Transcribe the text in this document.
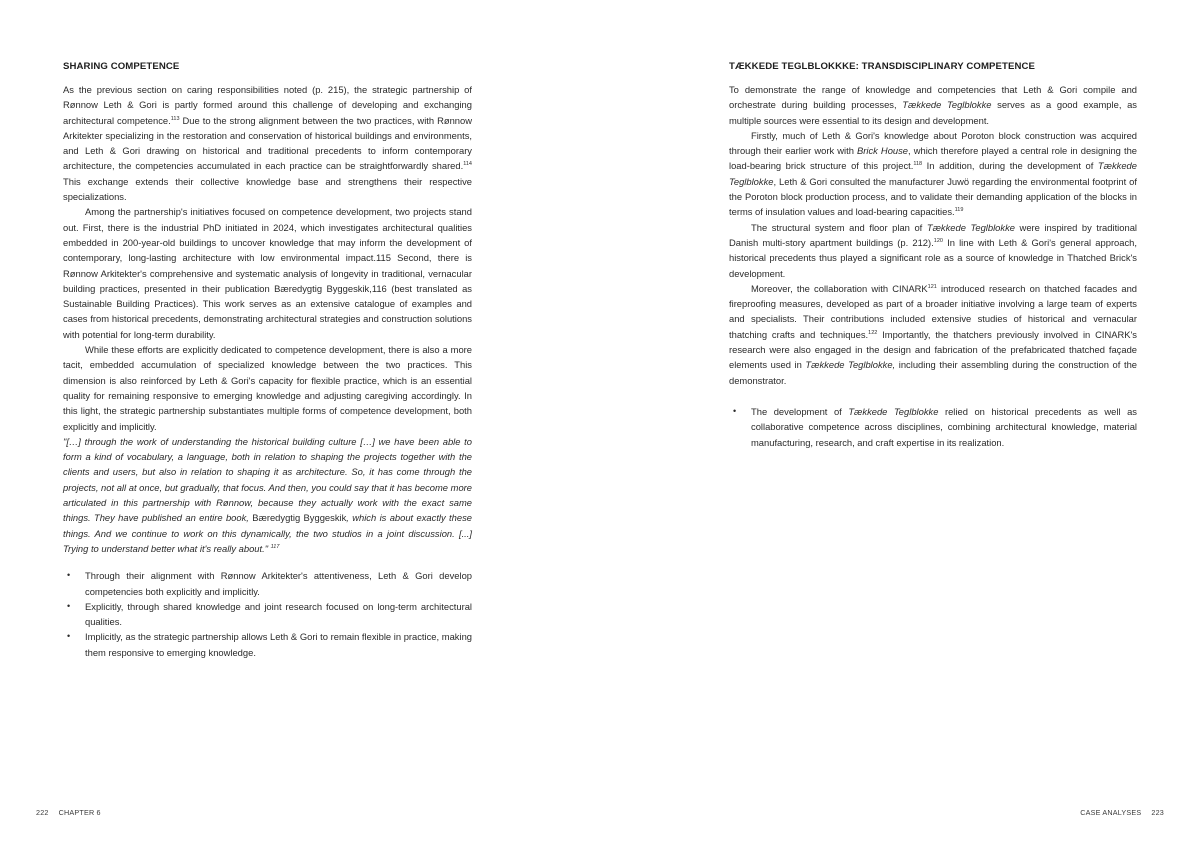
SHARING COMPETENCE

As the previous section on caring responsibilities noted (p. 215), the strategic partnership of Rønnow Leth & Gori is partly formed around this challenge of developing and exchanging architectural competence.$^{113}$ Due to the strong alignment between the two practices, with Rønnow Arkitekter specializing in the restoration and conservation of historical buildings and environments, and Leth & Gori drawing on historical and traditional precedents to inform contemporary architecture, the competencies accumulated in each practice can be straightforwardly shared.$^{114}$ This exchange extends their collective knowledge base and strengthens their respective specializations.

Among the partnership's initiatives focused on competence development, two projects stand out. First, there is the industrial PhD initiated in 2024, which investigates architectural qualities embedded in 200-year-old buildings to uncover knowledge that may inform the development of contemporary, long-lasting architecture with low environmental impact.115 Second, there is Rønnow Arkitekter's comprehensive and systematic analysis of longevity in traditional, vernacular building practices, presented in their publication Bæredygtig Byggeskik,116 (best translated as Sustainable Building Practices). This work serves as an extensive catalogue of examples and cases from historical precedents, demonstrating architectural strategies and construction solutions with potential for long-term durability.

While these efforts are explicitly dedicated to competence development, there is also a more tacit, embedded accumulation of specialized knowledge between the two practices. This dimension is also reinforced by Leth & Gori's capacity for flexible practice, which is an essential quality for remaining responsive to emerging knowledge and adjusting caregiving accordingly. In this light, the strategic partnership substantiates multiple forms of competence development, both explicitly and implicitly.

"[…] through the work of understanding the historical building culture […] we have been able to form a kind of vocabulary, a language, both in relation to shaping the projects together with the clients and users, but also in relation to shaping it as architecture. So, it has come through the projects, not all at once, but gradually, that focus. And then, you could say that it has become more articulated in this partnership with Rønnow, because they actually work with the exact same things. They have published an entire book, Bæredygtig Byggeskik, which is about exactly these things. And we continue to work on this dynamically, the two studios in a joint discussion. [...] Trying to understand better what it's really about." $^{117}$

• Through their alignment with Rønnow Arkitekter's attentiveness, Leth & Gori develop competencies both explicitly and implicitly.
• Explicitly, through shared knowledge and joint research focused on long-term architectural qualities.
• Implicitly, as the strategic partnership allows Leth & Gori to remain flexible in practice, making them responsive to emerging knowledge.
TÆKKEDE TEGLBLOKKKE: TRANSDISCIPLINARY COMPETENCE

To demonstrate the range of knowledge and competencies that Leth & Gori compile and orchestrate during building processes, Tækkede Teglblokke serves as a good example, as multiple sources were essential to its design and development.

Firstly, much of Leth & Gori's knowledge about Poroton block construction was acquired through their earlier work with Brick House, which therefore played a central role in designing the load-bearing brick structure of this project.$^{118}$ In addition, during the development of Tækkede Teglblokke, Leth & Gori consulted the manufacturer Juwö regarding the environmental footprint of the Poroton block production process, and to validate their demanding application of the blocks in terms of insulation values and load-bearing capacities.$^{119}$

The structural system and floor plan of Tækkede Teglblokke were inspired by traditional Danish multi-story apartment buildings (p. 212).$^{120}$ In line with Leth & Gori's general approach, historical precedents thus played a significant role as a source of knowledge in Thatched Brick's development.

Moreover, the collaboration with CINARK$^{121}$ introduced research on thatched facades and fireproofing measures, developed as part of a broader initiative involving a large team of experts and specialists. Their contributions included extensive studies of historical and vernacular thatching crafts and techniques.$^{122}$ Importantly, the thatchers previously involved in CINARK's research were also engaged in the design and fabrication of the prefabricated thatched façade elements used in Tækkede Teglblokke, including their assembling during the construction of the demonstrator.

• The development of Tækkede Teglblokke relied on historical precedents as well as collaborative competence across disciplines, combining architectural knowledge, material manufacturing, research, and craft expertise in its realization.
222 CHAPTER 6	CASE ANALYSES 223
